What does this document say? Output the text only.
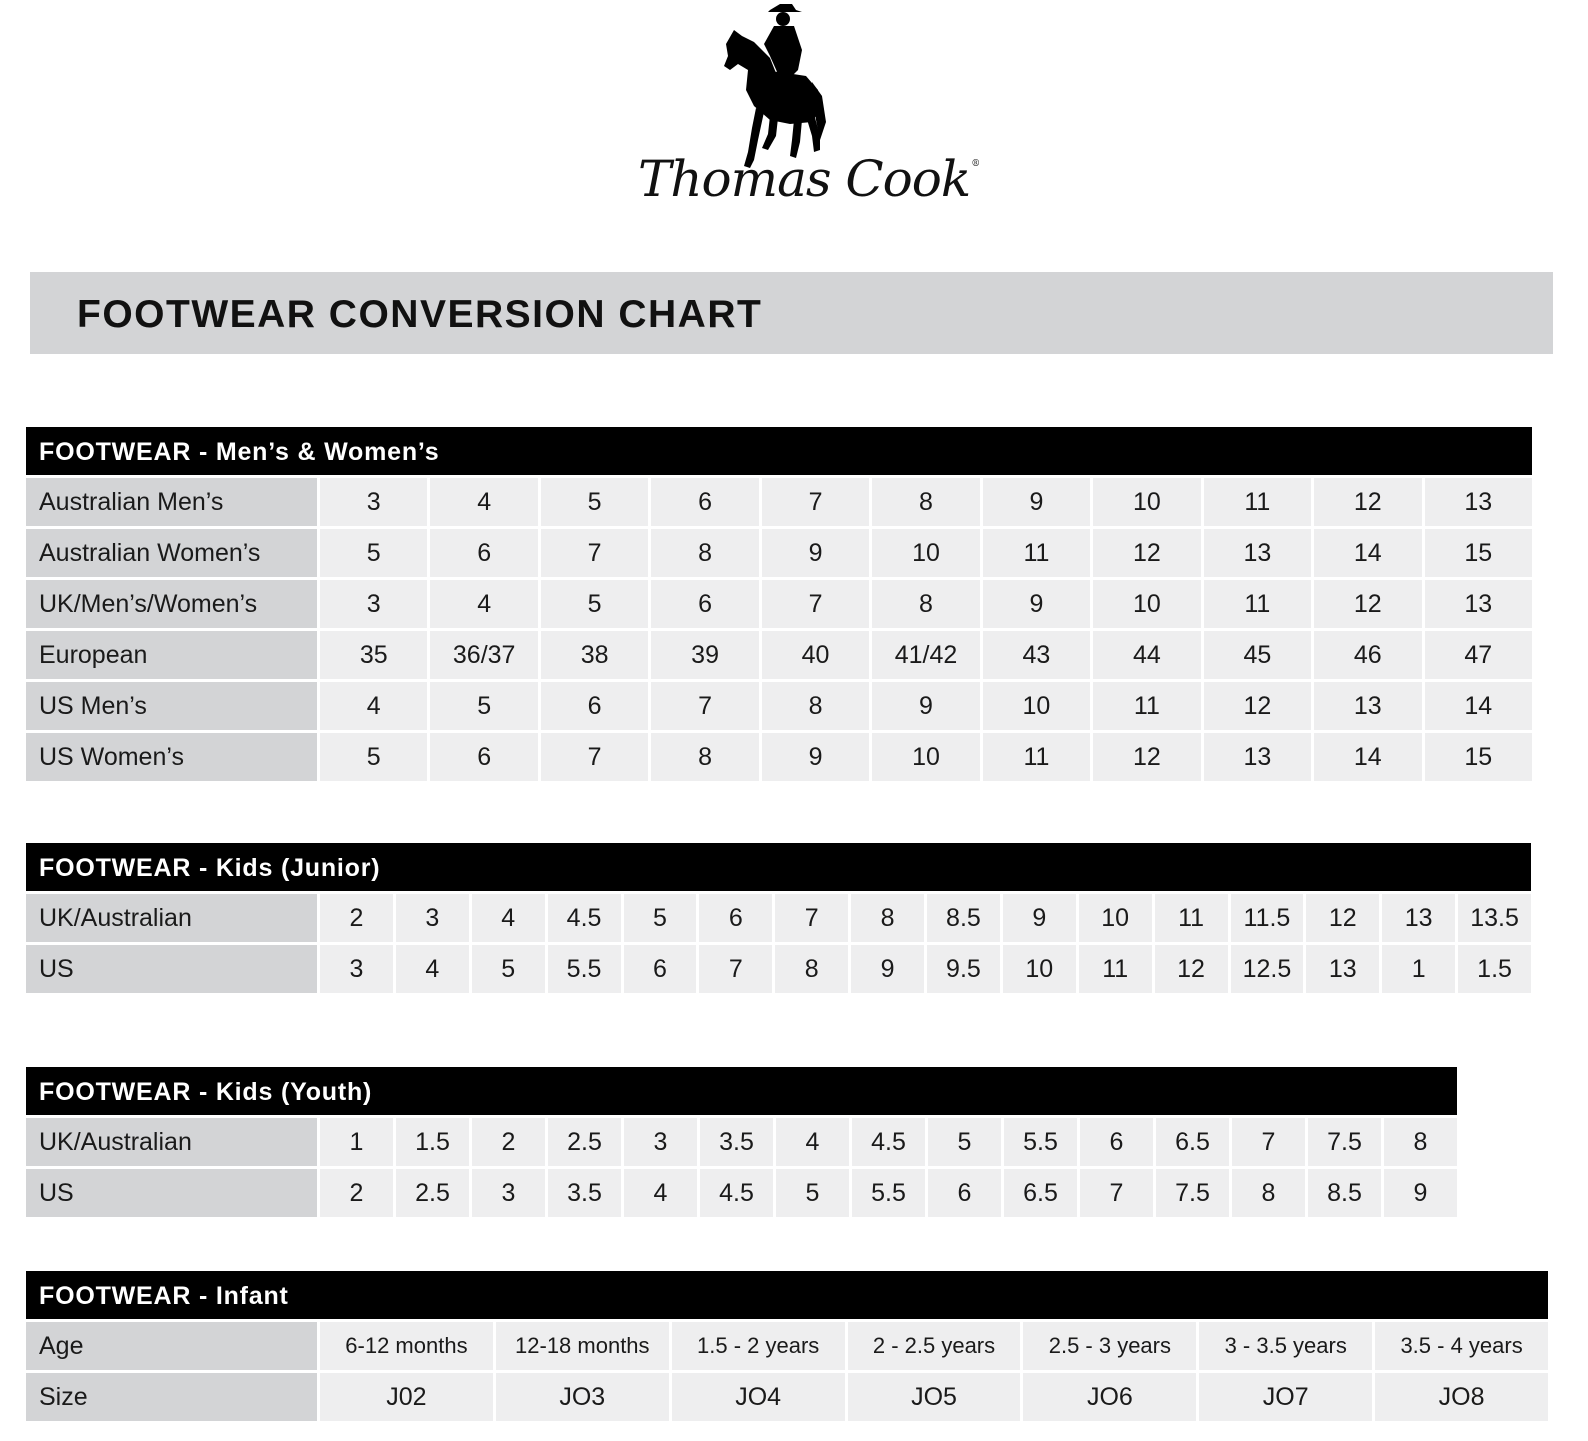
Thomas Cook®
FOOTWEAR CONVERSION CHART
FOOTWEAR - Men’s & Women’s
Australian Men’s	3	4	5	6	7	8	9	10	11	12	13
Australian Women’s	5	6	7	8	9	10	11	12	13	14	15
UK/Men’s/Women’s	3	4	5	6	7	8	9	10	11	12	13
European	35	36/37	38	39	40	41/42	43	44	45	46	47
US Men’s	4	5	6	7	8	9	10	11	12	13	14
US Women’s	5	6	7	8	9	10	11	12	13	14	15
FOOTWEAR - Kids (Junior)
UK/Australian	2	3	4	4.5	5	6	7	8	8.5	9	10	11	11.5	12	13	13.5
US	3	4	5	5.5	6	7	8	9	9.5	10	11	12	12.5	13	1	1.5
FOOTWEAR - Kids (Youth)
UK/Australian	1	1.5	2	2.5	3	3.5	4	4.5	5	5.5	6	6.5	7	7.5	8
US	2	2.5	3	3.5	4	4.5	5	5.5	6	6.5	7	7.5	8	8.5	9
FOOTWEAR - Infant
Age	6-12 months	12-18 months	1.5 - 2 years	2 - 2.5 years	2.5 - 3 years	3 - 3.5 years	3.5 - 4 years
Size	J02	JO3	JO4	JO5	JO6	JO7	JO8
